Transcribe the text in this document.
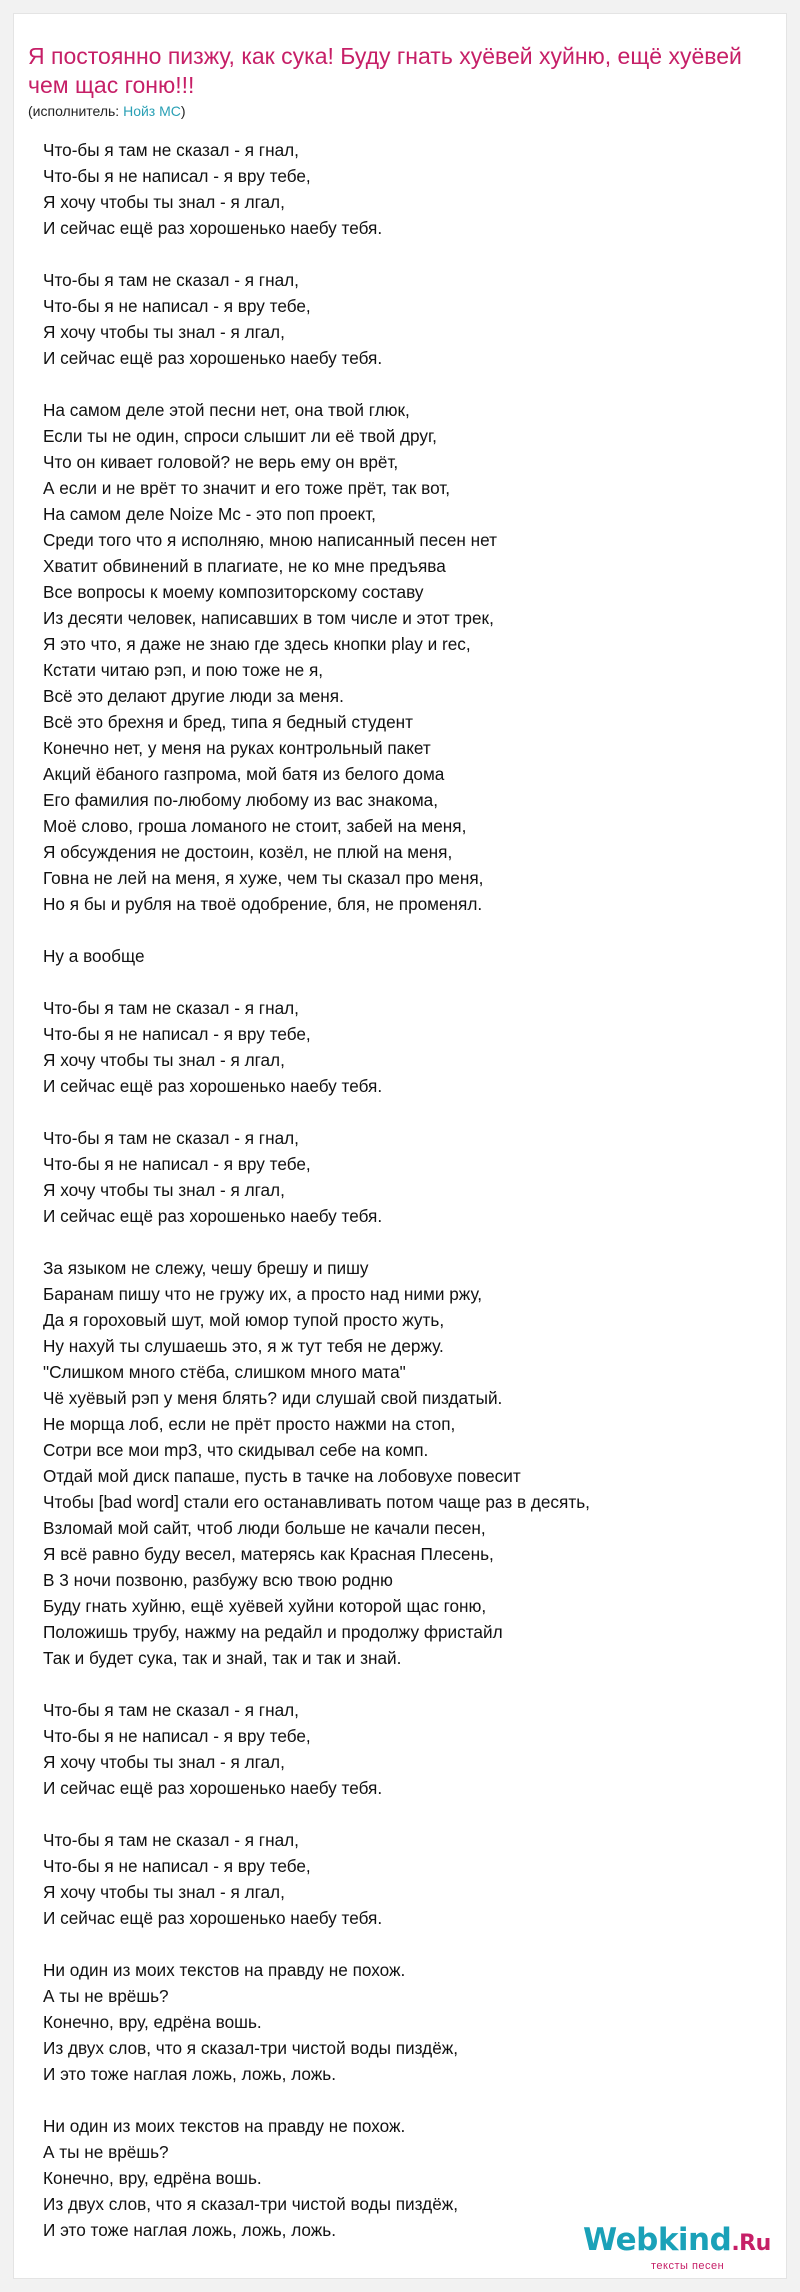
Я постоянно пизжу, как сука! Буду гнать хуёвей хуйню, ещё хуёвей чем щас гоню!!!
(исполнитель: Нойз MC)
Что-бы я там не сказал - я гнал,
Что-бы я не написал - я вру тебе,
Я хочу чтобы ты знал - я лгал,
И сейчас ещё раз хорошенько наебу тебя.
Что-бы я там не сказал - я гнал,
Что-бы я не написал - я вру тебе,
Я хочу чтобы ты знал - я лгал,
И сейчас ещё раз хорошенько наебу тебя.
На самом деле этой песни нет, она твой глюк,
Если ты не один, спроси слышит ли её твой друг,
Что он кивает головой? не верь ему он врёт,
А если и не врёт то значит и его тоже прёт, так вот,
На самом деле Noize Mc - это поп проект,
Среди того что я исполняю, мною написанный песен нет
Хватит обвинений в плагиате, не ко мне предъява
Все вопросы к моему композиторскому составу
Из десяти человек, написавших в том числе и этот трек,
Я это что, я даже не знаю где здесь кнопки play и rec,
Кстати читаю рэп, и пою тоже не я,
Всё это делают другие люди за меня.
Всё это брехня и бред, типа я бедный студент
Конечно нет, у меня на руках контрольный пакет
Акций ёбаного газпрома, мой батя из белого дома
Его фамилия по-любому любому из вас знакома,
Моё слово, гроша ломаного не стоит, забей на меня,
Я обсуждения не достоин, козёл, не плюй на меня,
Говна не лей на меня, я хуже, чем ты сказал про меня,
Но я бы и рубля на твоё одобрение, бля, не променял.
Ну а вообще
Что-бы я там не сказал - я гнал,
Что-бы я не написал - я вру тебе,
Я хочу чтобы ты знал - я лгал,
И сейчас ещё раз хорошенько наебу тебя.
Что-бы я там не сказал - я гнал,
Что-бы я не написал - я вру тебе,
Я хочу чтобы ты знал - я лгал,
И сейчас ещё раз хорошенько наебу тебя.
За языком не слежу, чешу брешу и пишу
Баранам пишу что не гружу их, а просто над ними ржу,
Да я гороховый шут, мой юмор тупой просто жуть,
Ну нахуй ты слушаешь это, я ж тут тебя не держу.
"Слишком много стёба, слишком много мата"
Чё хуёвый рэп у меня блять? иди слушай свой пиздатый.
Не морща лоб, если не прёт просто нажми на стоп,
Сотри все мои mp3, что скидывал себе на комп.
Отдай мой диск папаше, пусть в тачке на лобовухе повесит
Чтобы [bad word] стали его останавливать потом чаще раз в десять,
Взломай мой сайт, чтоб люди больше не качали песен,
Я всё равно буду весел, матерясь как Красная Плесень,
В 3 ночи позвоню, разбужу всю твою родню
Буду гнать хуйню, ещё хуёвей хуйни которой щас гоню,
Положишь трубу, нажму на редайл и продолжу фристайл
Так и будет сука, так и знай, так и так и знай.
Что-бы я там не сказал - я гнал,
Что-бы я не написал - я вру тебе,
Я хочу чтобы ты знал - я лгал,
И сейчас ещё раз хорошенько наебу тебя.
Что-бы я там не сказал - я гнал,
Что-бы я не написал - я вру тебе,
Я хочу чтобы ты знал - я лгал,
И сейчас ещё раз хорошенько наебу тебя.
Ни один из моих текстов на правду не похож.
А ты не врёшь?
Конечно, вру, едрёна вошь.
Из двух слов, что я сказал-три чистой воды пиздёж,
И это тоже наглая ложь, ложь, ложь.
Ни один из моих текстов на правду не похож.
А ты не врёшь?
Конечно, вру, едрёна вошь.
Из двух слов, что я сказал-три чистой воды пиздёж,
И это тоже наглая ложь, ложь, ложь.	Webkind.Ru
тексты песен
